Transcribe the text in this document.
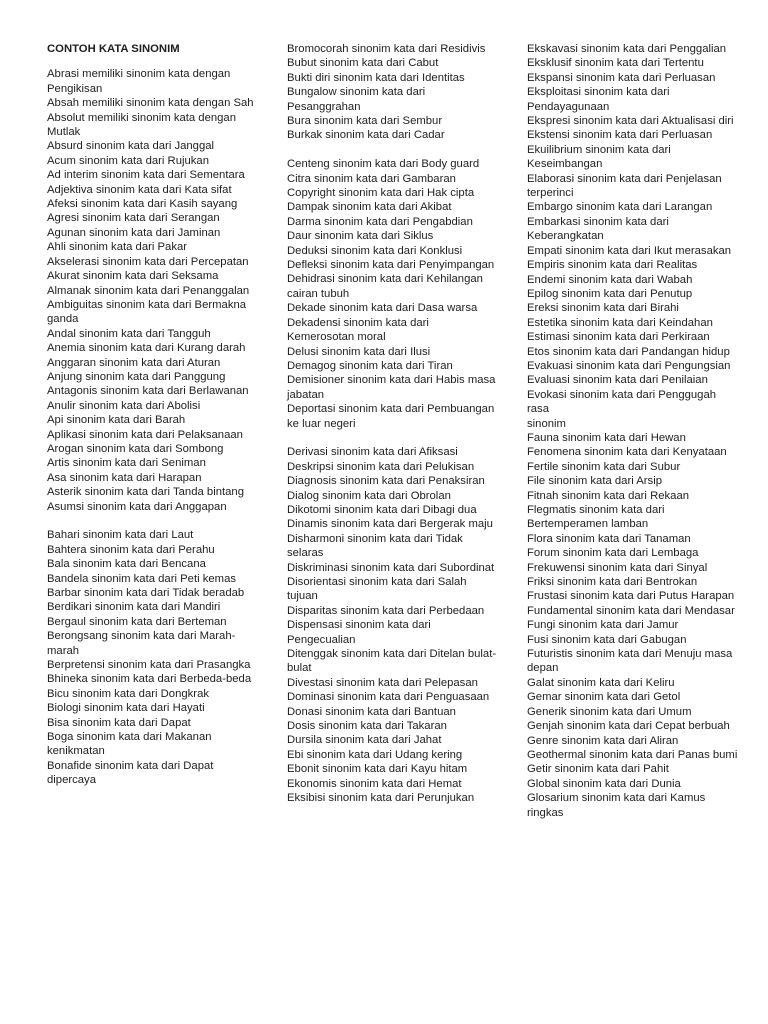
CONTOH KATA SINONIM
Abrasi memiliki sinonim kata dengan Pengikisan
Absah memiliki sinonim kata dengan Sah
Absolut memiliki sinonim kata dengan Mutlak
Absurd sinonim kata dari Janggal
Acum sinonim kata dari Rujukan
Ad interim sinonim kata dari Sementara
Adjektiva sinonim kata dari Kata sifat
Afeksi sinonim kata dari Kasih sayang
Agresi sinonim kata dari Serangan
Agunan sinonim kata dari Jaminan
Ahli sinonim kata dari Pakar
Akselerasi sinonim kata dari Percepatan
Akurat sinonim kata dari Seksama
Almanak sinonim kata dari Penanggalan
Ambiguitas sinonim kata dari Bermakna ganda
Andal sinonim kata dari Tangguh
Anemia sinonim kata dari Kurang darah
Anggaran sinonim kata dari Aturan
Anjung sinonim kata dari Panggung
Antagonis sinonim kata dari Berlawanan
Anulir sinonim kata dari Abolisi
Api sinonim kata dari Barah
Aplikasi sinonim kata dari Pelaksanaan
Arogan sinonim kata dari Sombong
Artis sinonim kata dari Seniman
Asa sinonim kata dari Harapan
Asterik sinonim kata dari Tanda bintang
Asumsi sinonim kata dari Anggapan
Bahari sinonim kata dari Laut
Bahtera sinonim kata dari Perahu
Bala sinonim kata dari Bencana
Bandela sinonim kata dari Peti kemas
Barbar sinonim kata dari Tidak beradab
Berdikari sinonim kata dari Mandiri
Bergaul sinonim kata dari Berteman
Berongsang sinonim kata dari Marah-marah
Berpretensi sinonim kata dari Prasangka
Bhineka sinonim kata dari Berbeda-beda
Bicu sinonim kata dari Dongkrak
Biologi sinonim kata dari Hayati
Bisa sinonim kata dari Dapat
Boga sinonim kata dari Makanan kenikmatan
Bonafide sinonim kata dari Dapat dipercaya
Bromocorah sinonim kata dari Residivis
Bubut sinonim kata dari Cabut
Bukti diri sinonim kata dari Identitas
Bungalow sinonim kata dari Pesanggrahan
Bura sinonim kata dari Sembur
Burkak sinonim kata dari Cadar
Centeng sinonim kata dari Body guard
Citra sinonim kata dari Gambaran
Copyright sinonim kata dari Hak cipta
Dampak sinonim kata dari Akibat
Darma sinonim kata dari Pengabdian
Daur sinonim kata dari Siklus
Deduksi sinonim kata dari Konklusi
Defleksi sinonim kata dari Penyimpangan
Dehidrasi sinonim kata dari Kehilangan cairan tubuh
Dekade sinonim kata dari Dasa warsa
Dekadensi sinonim kata dari Kemerosotan moral
Delusi sinonim kata dari Ilusi
Demagog sinonim kata dari Tiran
Demisioner sinonim kata dari Habis masa jabatan
Deportasi sinonim kata dari Pembuangan ke luar negeri
Derivasi sinonim kata dari Afiksasi
Deskripsi sinonim kata dari Pelukisan
Diagnosis sinonim kata dari Penaksiran
Dialog sinonim kata dari Obrolan
Dikotomi sinonim kata dari Dibagi dua
Dinamis sinonim kata dari Bergerak maju
Disharmoni sinonim kata dari Tidak selaras
Diskriminasi sinonim kata dari Subordinat
Disorientasi sinonim kata dari Salah tujuan
Disparitas sinonim kata dari Perbedaan
Dispensasi sinonim kata dari Pengecualian
Ditenggak sinonim kata dari Ditelan bulat-bulat
Divestasi sinonim kata dari Pelepasan
Dominasi sinonim kata dari Penguasaan
Donasi sinonim kata dari Bantuan
Dosis sinonim kata dari Takaran
Dursila sinonim kata dari Jahat
Ebi sinonim kata dari Udang kering
Ebonit sinonim kata dari Kayu hitam
Ekonomis sinonim kata dari Hemat
Eksibisi sinonim kata dari Perunjukan
Ekskavasi sinonim kata dari Penggalian
Eksklusif sinonim kata dari Tertentu
Ekspansi sinonim kata dari Perluasan
Eksploitasi sinonim kata dari Pendayagunaan
Ekspresi sinonim kata dari Aktualisasi diri
Ekstensi sinonim kata dari Perluasan
Ekuilibrium sinonim kata dari Keseimbangan
Elaborasi sinonim kata dari Penjelasan terperinci
Embargo sinonim kata dari Larangan
Embarkasi sinonim kata dari Keberangkatan
Empati sinonim kata dari Ikut merasakan
Empiris sinonim kata dari Realitas
Endemi sinonim kata dari Wabah
Epilog sinonim kata dari Penutup
Ereksi sinonim kata dari Birahi
Estetika sinonim kata dari Keindahan
Estimasi sinonim kata dari Perkiraan
Etos sinonim kata dari Pandangan hidup
Evakuasi sinonim kata dari Pengungsian
Evaluasi sinonim kata dari Penilaian
Evokasi sinonim kata dari Penggugah rasa
sinonim
Fauna sinonim kata dari Hewan
Fenomena sinonim kata dari Kenyataan
Fertile sinonim kata dari Subur
File sinonim kata dari Arsip
Fitnah sinonim kata dari Rekaan
Flegmatis sinonim kata dari Bertemperamen lamban
Flora sinonim kata dari Tanaman
Forum sinonim kata dari Lembaga
Frekuwensi sinonim kata dari Sinyal
Friksi sinonim kata dari Bentrokan
Frustasi sinonim kata dari Putus Harapan
Fundamental sinonim kata dari Mendasar
Fungi sinonim kata dari Jamur
Fusi sinonim kata dari Gabugan
Futuristis sinonim kata dari Menuju masa depan
Galat sinonim kata dari Keliru
Gemar sinonim kata dari Getol
Generik sinonim kata dari Umum
Genjah sinonim kata dari Cepat berbuah
Genre sinonim kata dari Aliran
Geothermal sinonim kata dari Panas bumi
Getir sinonim kata dari Pahit
Global sinonim kata dari Dunia
Glosarium sinonim kata dari Kamus ringkas
